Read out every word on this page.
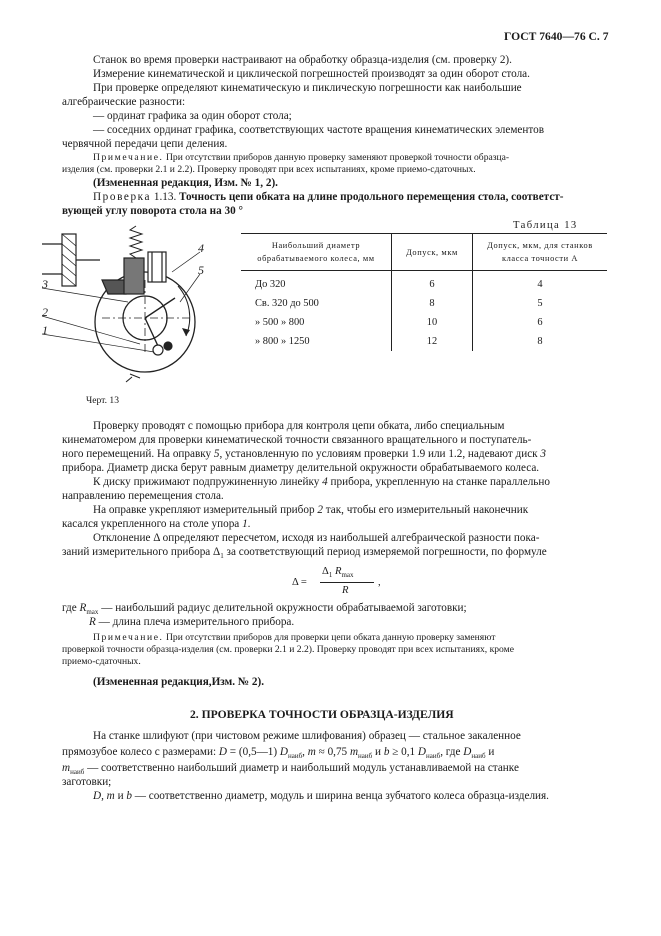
ГОСТ 7640—76 С. 7
Станок во время проверки настраивают на обработку образца-изделия (см. проверку 2).
Измерение кинематической и циклической погрешностей производят за один оборот стола.
При проверке определяют кинематическую и пиклическую погрешности как наибольшие
алгебраические разности:
— ординат графика за один оборот стола;
— соседних ординат графика, соответствующих частоте вращения кинематических элементов
червячной передачи цепи деления.
Примечание. При отсутствии приборов данную проверку заменяют проверкой точности образца-
изделия (см. проверки 2.1 и 2.2). Проверку проводят при всех испытаниях, кроме приемо-сдаточных.
(Измененная редакция, Изм. № 1, 2).
Проверка 1.13. Точность цепи обката на длине продольного перемещения стола, соответст-
вующей углу поворота стола на 30 °
Таблица 13
Наибольший диаметр обрабатываемого колеса, мм	Допуск, мкм	Допуск, мкм, для станков класса точности А
До 320	6	4
Св. 320 до 500	8	5
» 500 » 800	10	6
» 800 » 1250	12	8
4
5
3
2
1
Черт. 13
Проверку проводят с помощью прибора для контроля цепи обката, либо специальным
кинематомером для проверки кинематической точности связанного вращательного и поступатель-
ного перемещений. На оправку 5, установленную по условиям проверки 1.9 или 1.2, надевают диск 3
прибора. Диаметр диска берут равным диаметру делительной окружности обрабатываемого колеса.
К диску прижимают подпружиненную линейку 4 прибора, укрепленную на станке параллельно
направлению перемещения стола.
На оправке укрепляют измерительный прибор 2 так, чтобы его измерительный наконечник
касался укрепленного на столе упора 1.
Отклонение Δ определяют пересчетом, исходя из наибольшей алгебраической разности пока-
заний измерительного прибора $\Delta_1$ за соответствующий период измеряемой погрешности, по формуле
Δ =
$\Delta_1$ $R_{max}$
R
,
где $R_{max}$ — наибольший радиус делительной окружности обрабатываемой заготовки;
R — длина плеча измерительного прибора.
Примечание. При отсутствии приборов для проверки цепи обката данную проверку заменяют
проверкой точности образца-изделия (см. проверки 2.1 и 2.2). Проверку проводят при всех испытаниях, кроме
приемо-сдаточных.
(Измененная редакция,Изм. № 2).
2. ПРОВЕРКА ТОЧНОСТИ ОБРАЗЦА-ИЗДЕЛИЯ
На станке шлифуют (при чистовом режиме шлифования) образец — стальное закаленное
прямозубое колесо с размерами: D = (0,5—1) $D_{наиб}$, m ≈ 0,75 $m_{наиб}$ и b ≥ 0,1 $D_{наиб}$, где $D_{наиб}$ и
$m_{наиб}$ — соответственно наибольший диаметр и наибольший модуль устанавливаемой на станке
заготовки;
D, m и b — соответственно диаметр, модуль и ширина венца зубчатого колеса образца-изделия.
